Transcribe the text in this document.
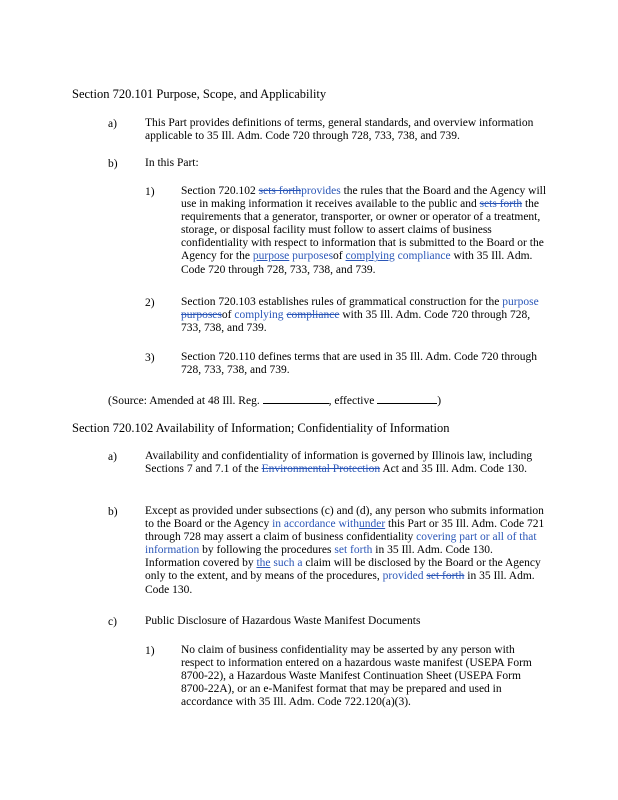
Section 720.101 Purpose, Scope, and Applicability
a) This Part provides definitions of terms, general standards, and overview information applicable to 35 Ill. Adm. Code 720 through 728, 733, 738, and 739.
b) In this Part:
1) Section 720.102 sets forthprovides the rules that the Board and the Agency will use in making information it receives available to the public and sets forth the requirements that a generator, transporter, or owner or operator of a treatment, storage, or disposal facility must follow to assert claims of business confidentiality with respect to information that is submitted to the Board or the Agency for the purpose purposesof complying compliance with 35 Ill. Adm. Code 720 through 728, 733, 738, and 739.
2) Section 720.103 establishes rules of grammatical construction for the purpose purposesof complying compliance with 35 Ill. Adm. Code 720 through 728, 733, 738, and 739.
3) Section 720.110 defines terms that are used in 35 Ill. Adm. Code 720 through 728, 733, 738, and 739.
(Source: Amended at 48 Ill. Reg.	, effective	)
Section 720.102 Availability of Information; Confidentiality of Information
a) Availability and confidentiality of information is governed by Illinois law, including Sections 7 and 7.1 of the Environmental Protection Act and 35 Ill. Adm. Code 130.
b) Except as provided under subsections (c) and (d), any person who submits information to the Board or the Agency in accordance withunder this Part or 35 Ill. Adm. Code 721 through 728 may assert a claim of business confidentiality covering part or all of that information by following the procedures set forth in 35 Ill. Adm. Code 130. Information covered by the such a claim will be disclosed by the Board or the Agency only to the extent, and by means of the procedures, provided set forth in 35 Ill. Adm. Code 130.
c) Public Disclosure of Hazardous Waste Manifest Documents
1) No claim of business confidentiality may be asserted by any person with respect to information entered on a hazardous waste manifest (USEPA Form 8700-22), a Hazardous Waste Manifest Continuation Sheet (USEPA Form 8700-22A), or an e-Manifest format that may be prepared and used in accordance with 35 Ill. Adm. Code 722.120(a)(3).
